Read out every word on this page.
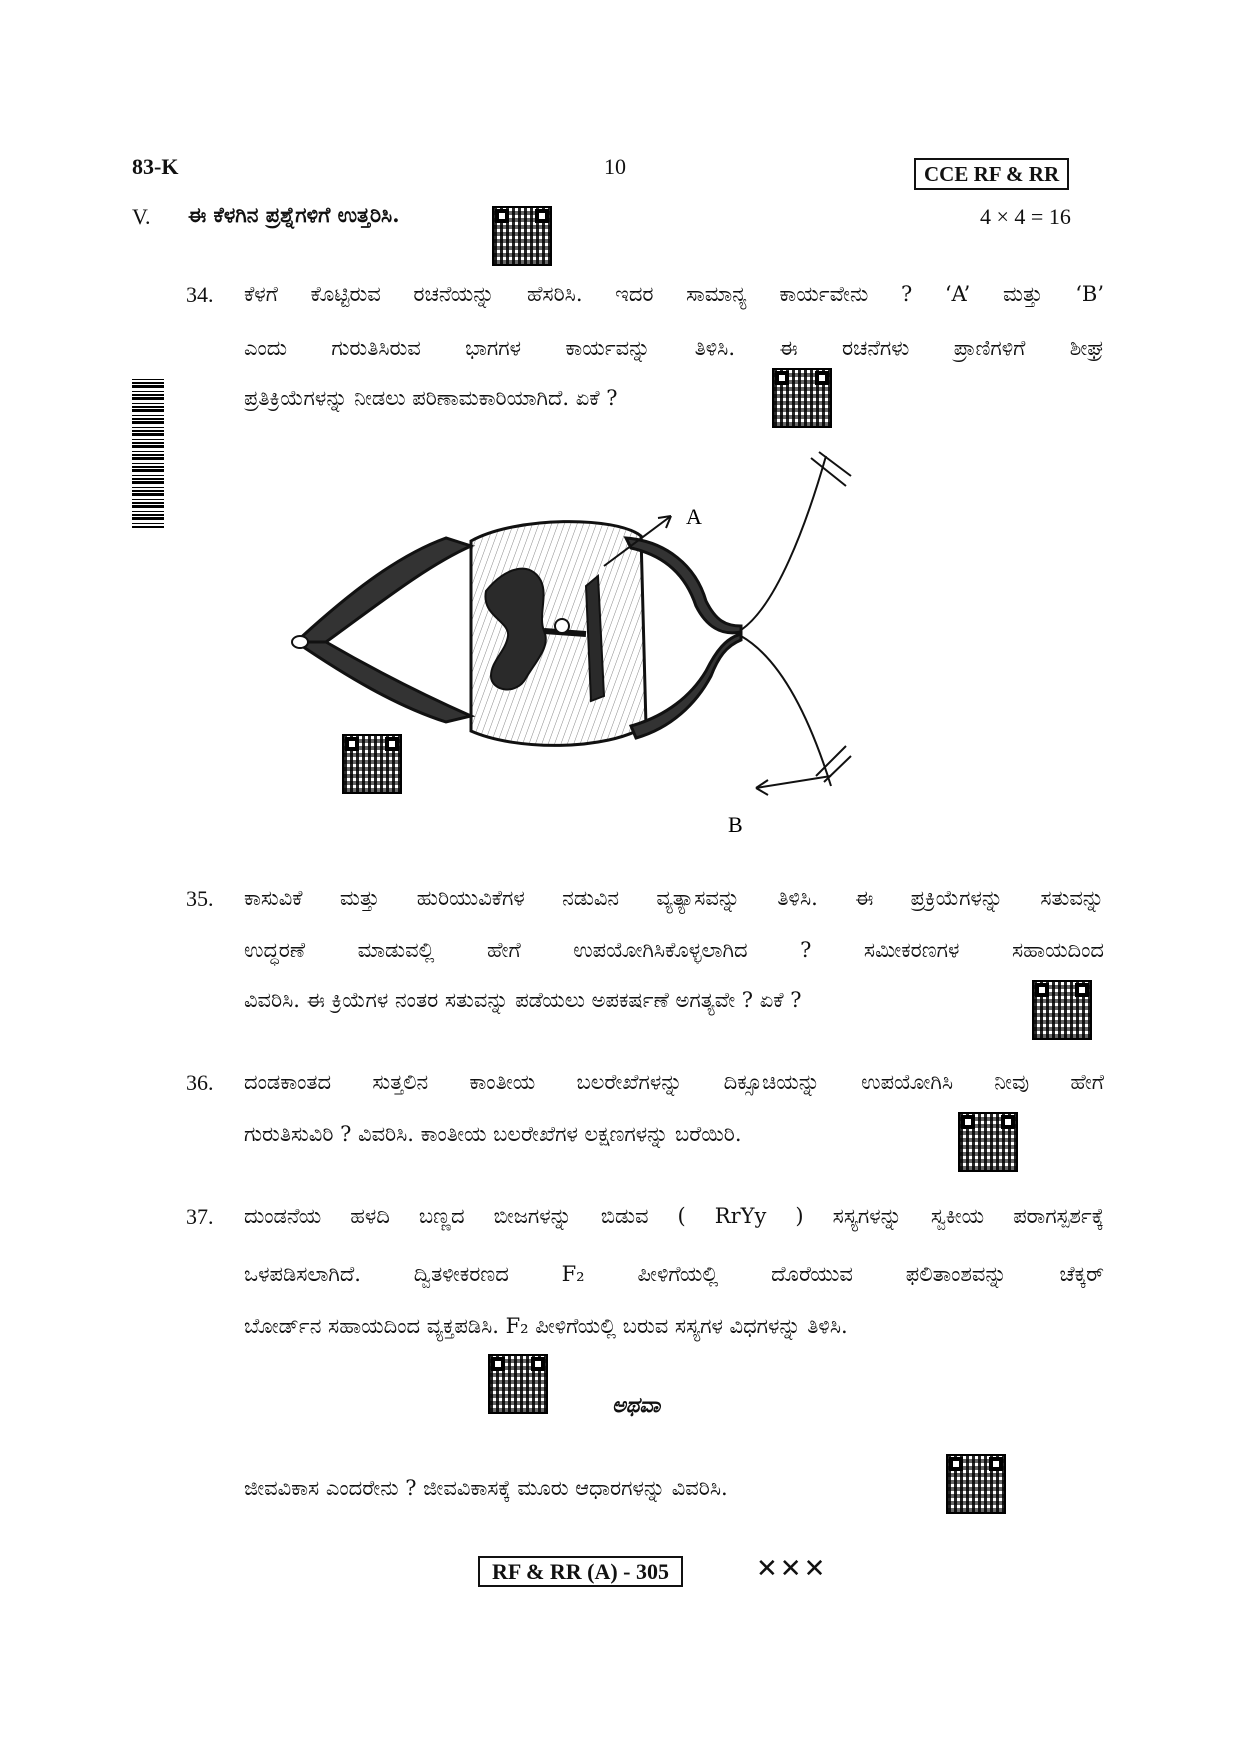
83-K	10	CCE RF & RR
V. ಈ ಕೆಳಗಿನ ಪ್ರಶ್ನೆಗಳಿಗೆ ಉತ್ತರಿಸಿ.	4 × 4 = 16
34. ಕೆಳಗೆ ಕೊಟ್ಟಿರುವ ರಚನೆಯನ್ನು ಹೆಸರಿಸಿ. ಇದರ ಸಾಮಾನ್ಯ ಕಾರ್ಯವೇನು ? ‘A’ ಮತ್ತು ‘B’
ಎಂದು ಗುರುತಿಸಿರುವ ಭಾಗಗಳ ಕಾರ್ಯವನ್ನು ತಿಳಿಸಿ. ಈ ರಚನೆಗಳು ಪ್ರಾಣಿಗಳಿಗೆ ಶೀಘ್ರ
ಪ್ರತಿಕ್ರಿಯೆಗಳನ್ನು ನೀಡಲು ಪರಿಣಾಮಕಾರಿಯಾಗಿದೆ. ಏಕೆ ?
A
B
35. ಕಾಸುವಿಕೆ ಮತ್ತು ಹುರಿಯುವಿಕೆಗಳ ನಡುವಿನ ವ್ಯತ್ಯಾಸವನ್ನು ತಿಳಿಸಿ. ಈ ಪ್ರಕ್ರಿಯೆಗಳನ್ನು ಸತುವನ್ನು
ಉದ್ಧರಣೆ ಮಾಡುವಲ್ಲಿ ಹೇಗೆ ಉಪಯೋಗಿಸಿಕೊಳ್ಳಲಾಗಿದ ? ಸಮೀಕರಣಗಳ ಸಹಾಯದಿಂದ
ವಿವರಿಸಿ. ಈ ಕ್ರಿಯೆಗಳ ನಂತರ ಸತುವನ್ನು ಪಡೆಯಲು ಅಪಕರ್ಷಣೆ ಅಗತ್ಯವೇ ? ಏಕೆ ?
36. ದಂಡಕಾಂತದ ಸುತ್ತಲಿನ ಕಾಂತೀಯ ಬಲರೇಖೆಗಳನ್ನು ದಿಕ್ಸೂಚಿಯನ್ನು ಉಪಯೋಗಿಸಿ ನೀವು ಹೇಗೆ
ಗುರುತಿಸುವಿರಿ ? ವಿವರಿಸಿ. ಕಾಂತೀಯ ಬಲರೇಖೆಗಳ ಲಕ್ಷಣಗಳನ್ನು ಬರೆಯಿರಿ.
37. ದುಂಡನೆಯ ಹಳದಿ ಬಣ್ಣದ ಬೀಜಗಳನ್ನು ಬಿಡುವ ( RrYy ) ಸಸ್ಯಗಳನ್ನು ಸ್ವಕೀಯ ಪರಾಗಸ್ಪರ್ಶಕ್ಕೆ
ಒಳಪಡಿಸಲಾಗಿದೆ. ದ್ವಿತಳೀಕರಣದ F₂ ಪೀಳಿಗೆಯಲ್ಲಿ ದೊರೆಯುವ ಫಲಿತಾಂಶವನ್ನು ಚೆಕ್ಕರ್
ಬೋರ್ಡ್‌ನ ಸಹಾಯದಿಂದ ವ್ಯಕ್ತಪಡಿಸಿ. F₂ ಪೀಳಿಗೆಯಲ್ಲಿ ಬರುವ ಸಸ್ಯಗಳ ವಿಧಗಳನ್ನು ತಿಳಿಸಿ.
ಅಥವಾ
ಜೀವವಿಕಾಸ ಎಂದರೇನು ? ಜೀವವಿಕಾಸಕ್ಕೆ ಮೂರು ಆಧಾರಗಳನ್ನು ವಿವರಿಸಿ.
RF & RR (A) - 305	✕✕✕
